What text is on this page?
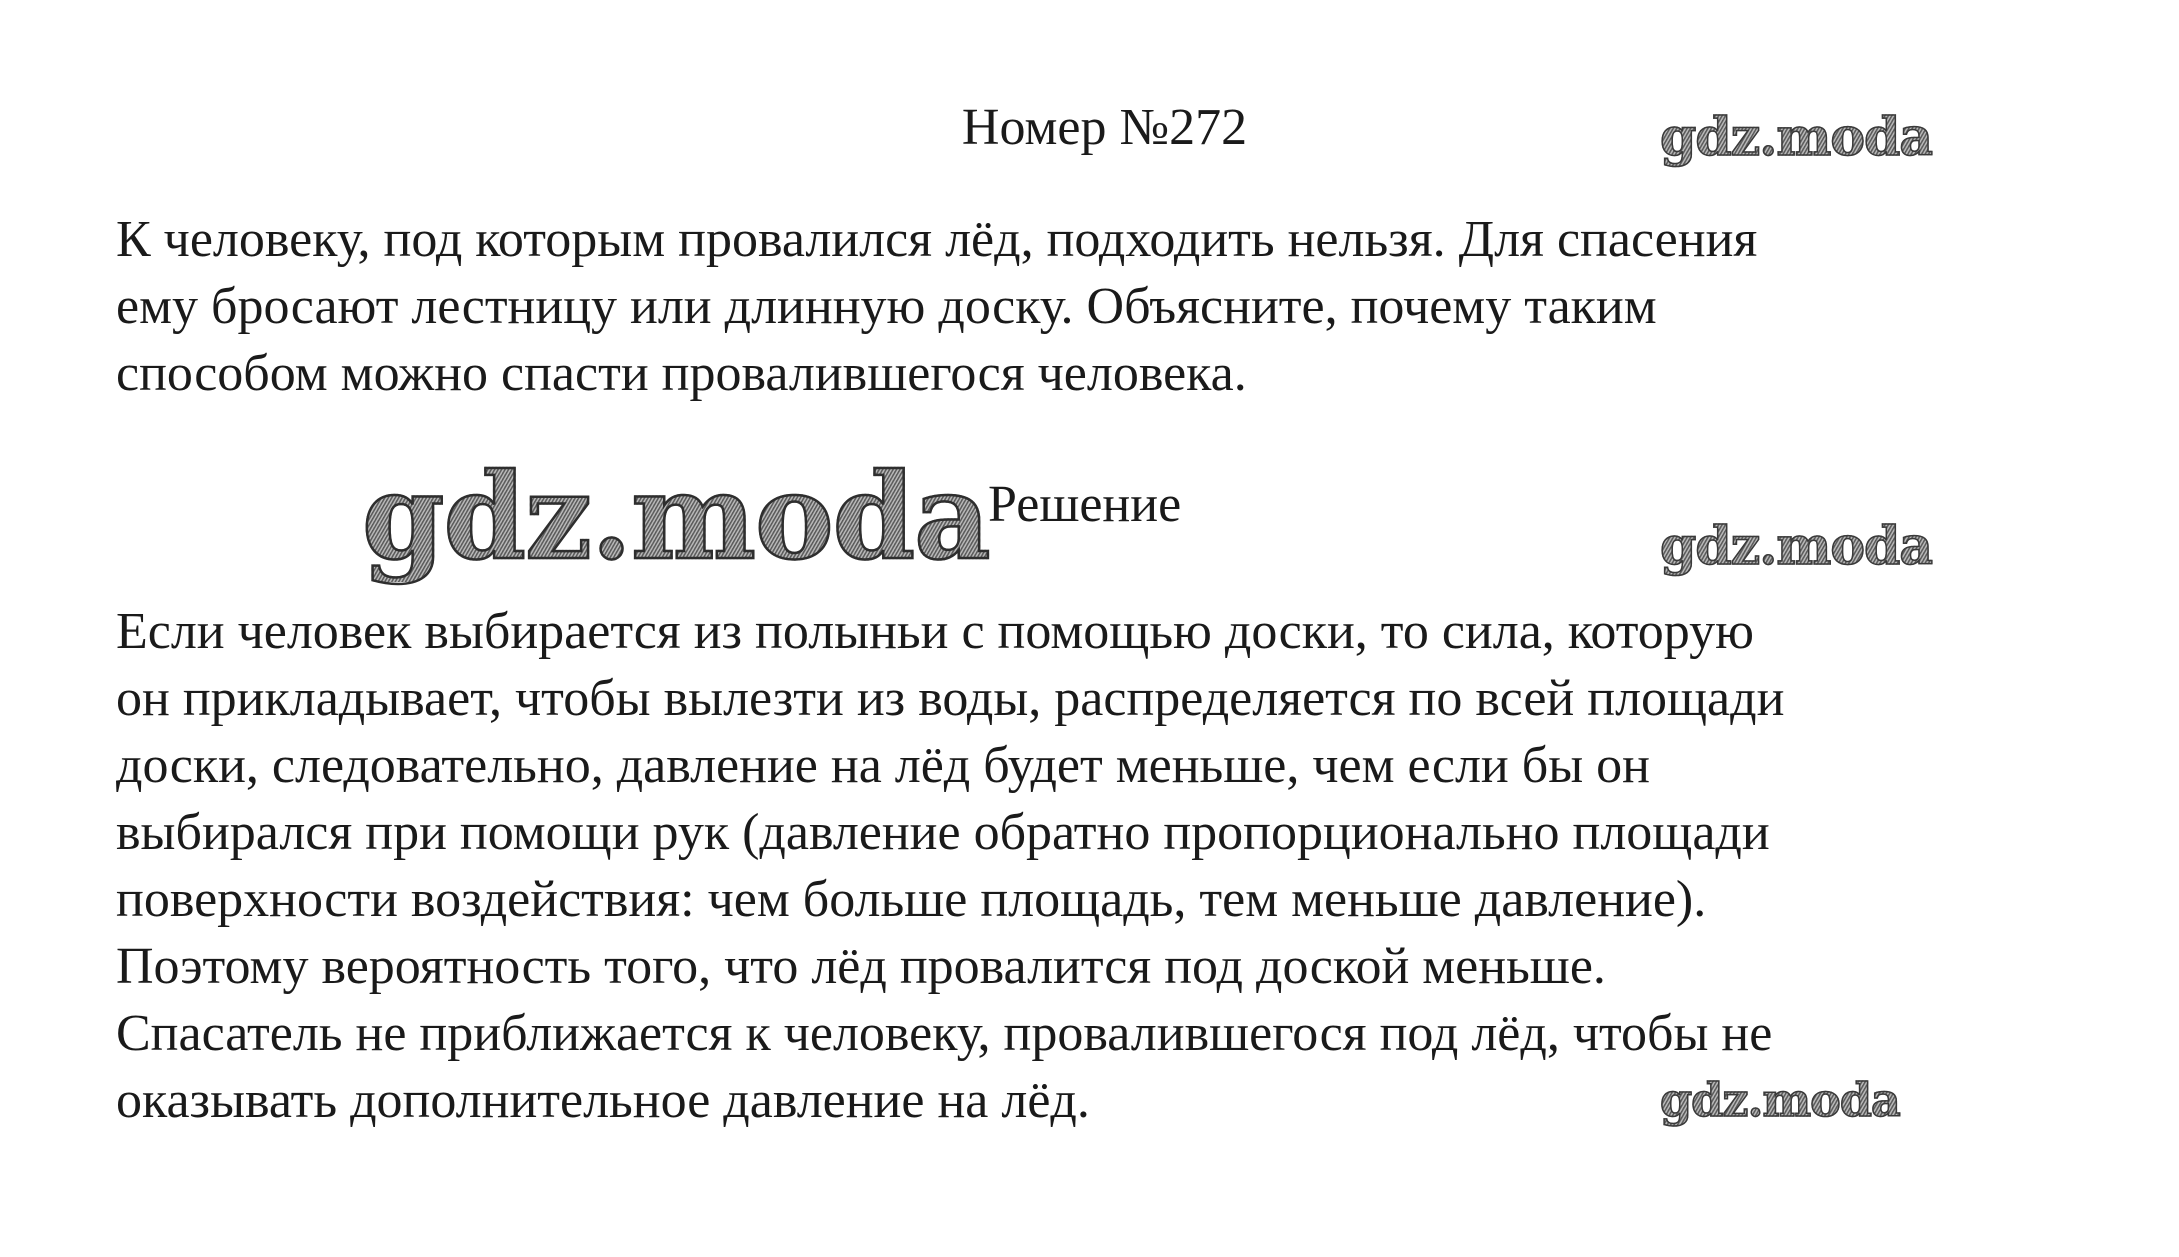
Номер №272	gdz.moda

К человеку, под которым провалился лёд, подходить нельзя. Для спасения
ему бросают лестницу или длинную доску. Объясните, почему таким
способом можно спасти провалившегося человека.

gdz.moda
Решение
gdz.moda

Если человек выбирается из полыньи с помощью доски, то сила, которую
он прикладывает, чтобы вылезти из воды, распределяется по всей площади
доски, следовательно, давление на лёд будет меньше, чем если бы он
выбирался при помощи рук (давление обратно пропорционально площади
поверхности воздействия: чем больше площадь, тем меньше давление).
Поэтому вероятность того, что лёд провалится под доской меньше.
Спасатель не приближается к человеку, провалившегося под лёд, чтобы не
оказывать дополнительное давление на лёд.	gdz.moda
